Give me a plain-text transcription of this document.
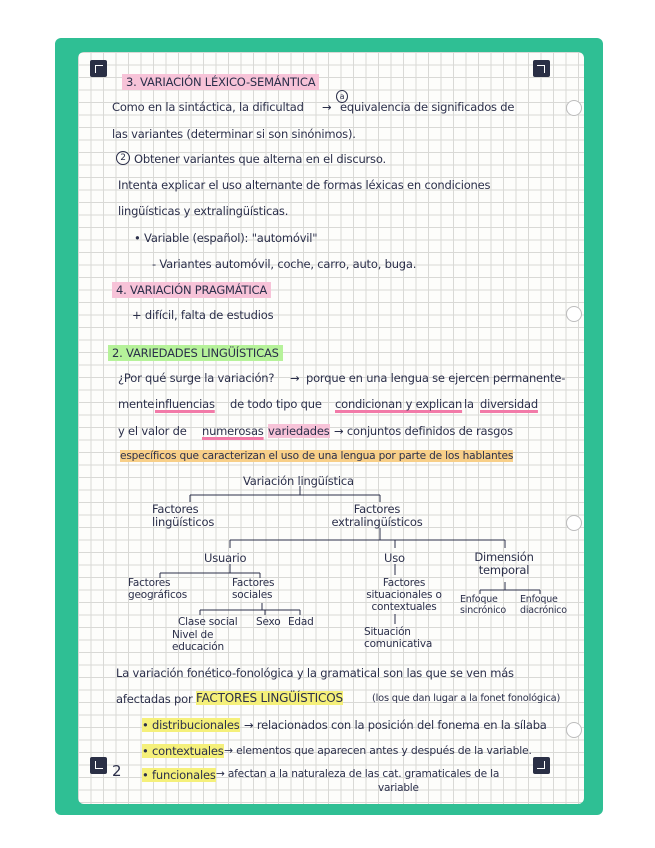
3. VARIACIÓN LÉXICO-SEMÁNTICA
Como en la sintáctica, la dificultad →
a
equivalencia de significados de
las variantes (determinar si son sinónimos).
2 Obtener variantes que alterna en el discurso.
Intenta explicar el uso alternante de formas léxicas en condiciones
lingüísticas y extralingüísticas.
• Variable (español): "automóvil"
- Variantes automóvil, coche, carro, auto, buga.
4. VARIACIÓN PRAGMÁTICA
+ difícil, falta de estudios
2. VARIEDADES LINGÜÍSTICAS
¿Por qué surge la variación? → porque en una lengua se ejercen permanente-
mente influencias de todo tipo que condicionan y explican la diversidad
y el valor de numerosas variedades → conjuntos definidos de rasgos
específicos que caracterizan el uso de una lengua por parte de los hablantes
Variación lingüística
Factores lingüísticos
Factores extralingüísticos
Usuario	Uso	Dimensión temporal
Factores geográficos
Factores sociales
Factores situacionales o contextuales
Enfoque sincrónico
Enfoque diacrónico
Clase social
Nivel de educación
Sexo Edad
Situación comunicativa
La variación fonético-fonológica y la gramatical son las que se ven más
afectadas por FACTORES LINGÜÍSTICOS	(los que dan lugar a la fonet fonológica)
• distribucionales → relacionados con la posición del fonema en la sílaba
• contextuales → elementos que aparecen antes y después de la variable.
• funcionales → afectan a la naturaleza de las cat. gramaticales de la
variable
2
